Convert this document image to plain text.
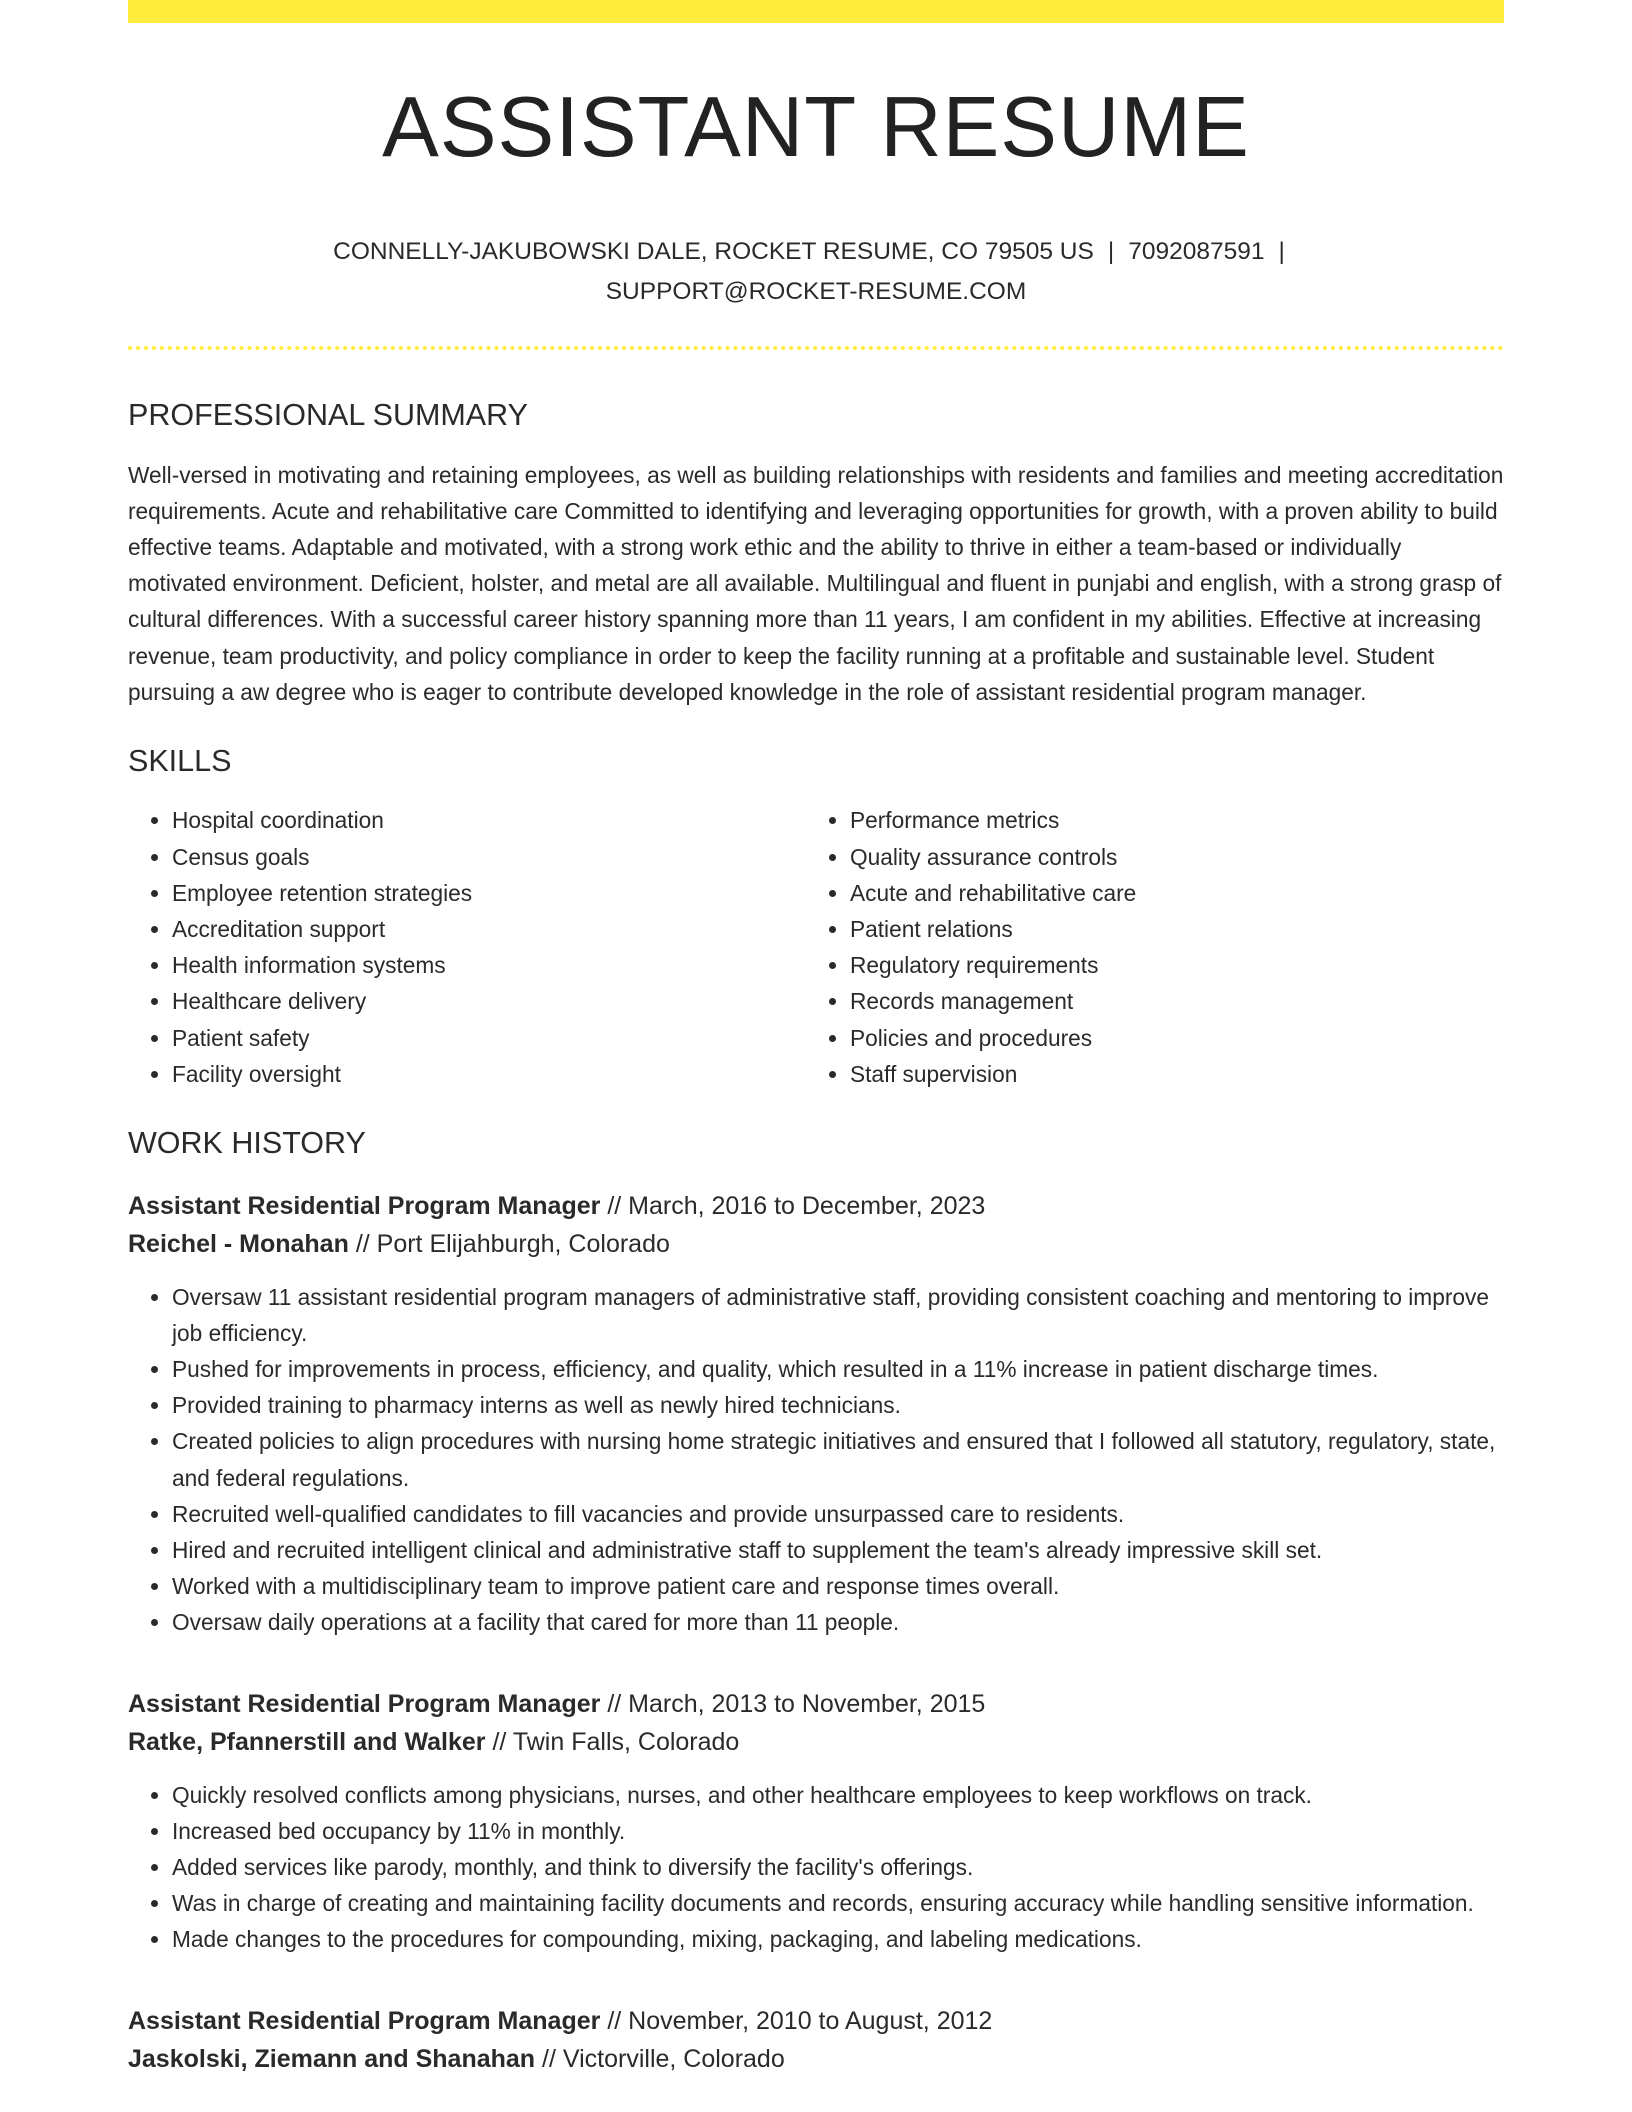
ASSISTANT RESUME
CONNELLY-JAKUBOWSKI DALE, ROCKET RESUME, CO 79505 US | 7092087591 |
SUPPORT@ROCKET-RESUME.COM
PROFESSIONAL SUMMARY

Well-versed in motivating and retaining employees, as well as building relationships with residents and families and meeting accreditation requirements. Acute and rehabilitative care Committed to identifying and leveraging opportunities for growth, with a proven ability to build effective teams. Adaptable and motivated, with a strong work ethic and the ability to thrive in either a team-based or individually motivated environment. Deficient, holster, and metal are all available. Multilingual and fluent in punjabi and english, with a strong grasp of cultural differences. With a successful career history spanning more than 11 years, I am confident in my abilities. Effective at increasing revenue, team productivity, and policy compliance in order to keep the facility running at a profitable and sustainable level. Student pursuing a aw degree who is eager to contribute developed knowledge in the role of assistant residential program manager.

SKILLS
• Hospital coordination
• Census goals
• Employee retention strategies
• Accreditation support
• Health information systems
• Healthcare delivery
• Patient safety
• Facility oversight
• Performance metrics
• Quality assurance controls
• Acute and rehabilitative care
• Patient relations
• Regulatory requirements
• Records management
• Policies and procedures
• Staff supervision
WORK HISTORY
Assistant Residential Program Manager // March, 2016 to December, 2023
Reichel - Monahan // Port Elijahburgh, Colorado
• Oversaw 11 assistant residential program managers of administrative staff, providing consistent coaching and mentoring to improve job efficiency.
• Pushed for improvements in process, efficiency, and quality, which resulted in a 11% increase in patient discharge times.
• Provided training to pharmacy interns as well as newly hired technicians.
• Created policies to align procedures with nursing home strategic initiatives and ensured that I followed all statutory, regulatory, state, and federal regulations.
• Recruited well-qualified candidates to fill vacancies and provide unsurpassed care to residents.
• Hired and recruited intelligent clinical and administrative staff to supplement the team's already impressive skill set.
• Worked with a multidisciplinary team to improve patient care and response times overall.
• Oversaw daily operations at a facility that cared for more than 11 people.
Assistant Residential Program Manager // March, 2013 to November, 2015
Ratke, Pfannerstill and Walker // Twin Falls, Colorado
• Quickly resolved conflicts among physicians, nurses, and other healthcare employees to keep workflows on track.
• Increased bed occupancy by 11% in monthly.
• Added services like parody, monthly, and think to diversify the facility's offerings.
• Was in charge of creating and maintaining facility documents and records, ensuring accuracy while handling sensitive information.
• Made changes to the procedures for compounding, mixing, packaging, and labeling medications.
Assistant Residential Program Manager // November, 2010 to August, 2012
Jaskolski, Ziemann and Shanahan // Victorville, Colorado
